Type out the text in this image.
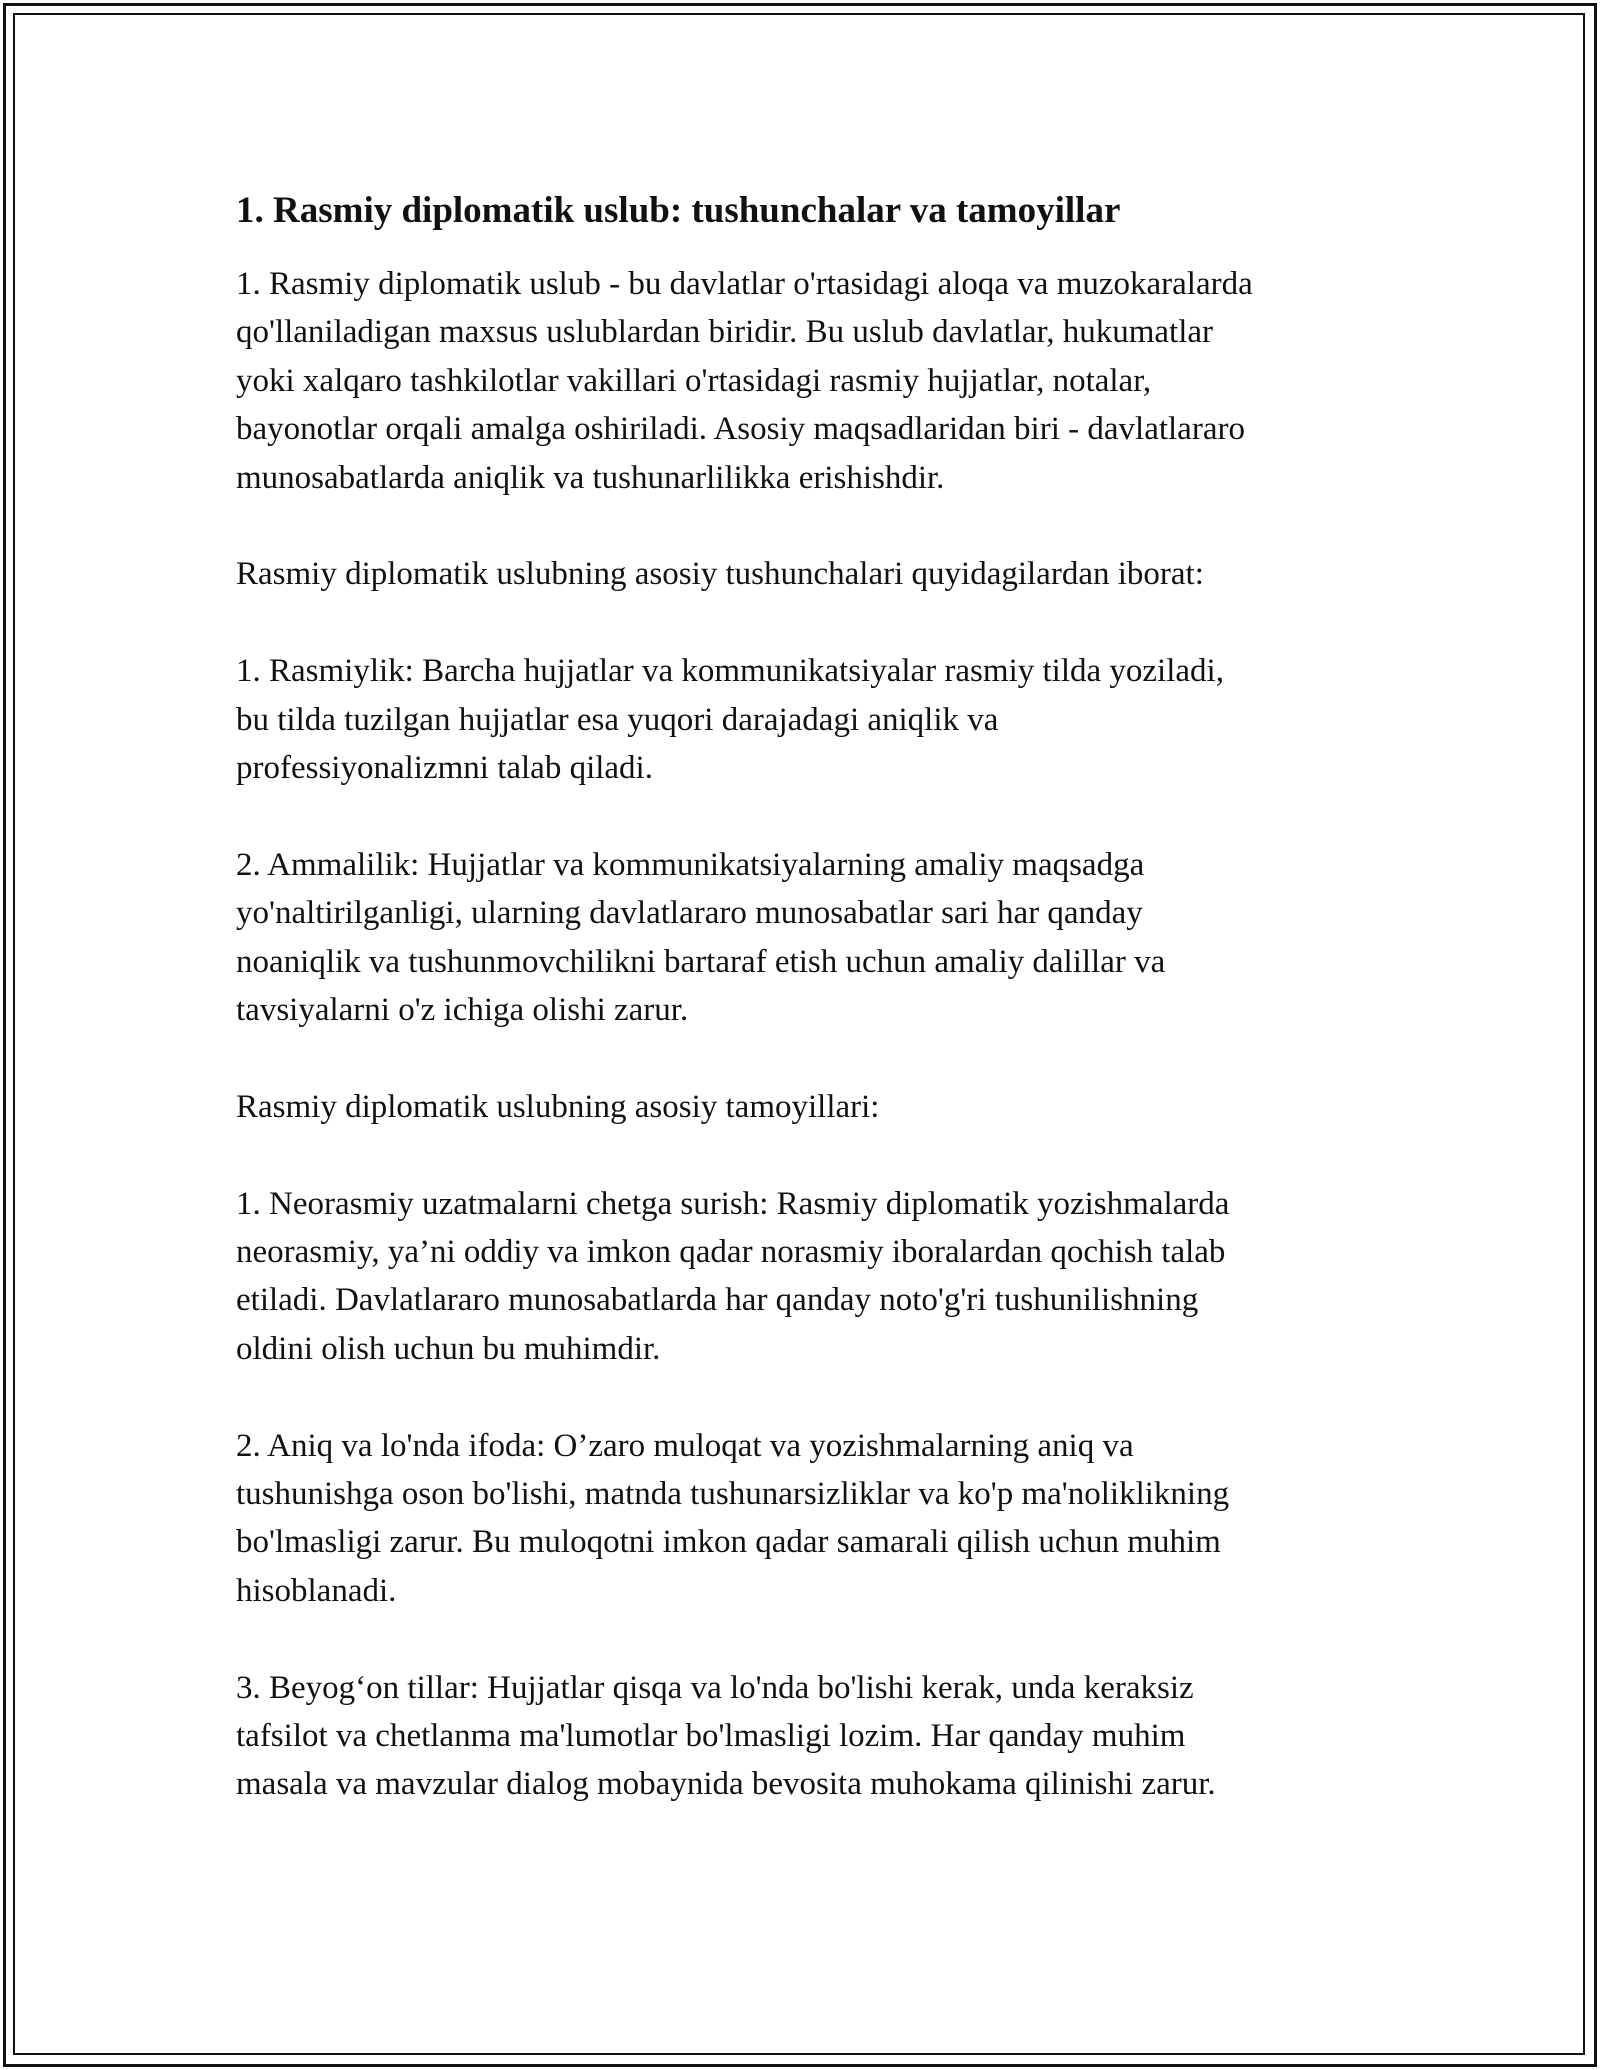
1. Rasmiy diplomatik uslub: tushunchalar va tamoyillar

1. Rasmiy diplomatik uslub - bu davlatlar o'rtasidagi aloqa va muzokaralarda
qo'llaniladigan maxsus uslublardan biridir. Bu uslub davlatlar, hukumatlar
yoki xalqaro tashkilotlar vakillari o'rtasidagi rasmiy hujjatlar, notalar,
bayonotlar orqali amalga oshiriladi. Asosiy maqsadlaridan biri - davlatlararo
munosabatlarda aniqlik va tushunarlilikka erishishdir.

Rasmiy diplomatik uslubning asosiy tushunchalari quyidagilardan iborat:

1. Rasmiylik: Barcha hujjatlar va kommunikatsiyalar rasmiy tilda yoziladi,
bu tilda tuzilgan hujjatlar esa yuqori darajadagi aniqlik va
professiyonalizmni talab qiladi.

2. Ammalilik: Hujjatlar va kommunikatsiyalarning amaliy maqsadga
yo'naltirilganligi, ularning davlatlararo munosabatlar sari har qanday
noaniqlik va tushunmovchilikni bartaraf etish uchun amaliy dalillar va
tavsiyalarni o'z ichiga olishi zarur.

Rasmiy diplomatik uslubning asosiy tamoyillari:

1. Neorasmiy uzatmalarni chetga surish: Rasmiy diplomatik yozishmalarda
neorasmiy, ya’ni oddiy va imkon qadar norasmiy iboralardan qochish talab
etiladi. Davlatlararo munosabatlarda har qanday noto'g'ri tushunilishning
oldini olish uchun bu muhimdir.

2. Aniq va lo'nda ifoda: O’zaro muloqat va yozishmalarning aniq va
tushunishga oson bo'lishi, matnda tushunarsizliklar va ko'p ma'noliklikning
bo'lmasligi zarur. Bu muloqotni imkon qadar samarali qilish uchun muhim
hisoblanadi.

3. Beyog‘on tillar: Hujjatlar qisqa va lo'nda bo'lishi kerak, unda keraksiz
tafsilot va chetlanma ma'lumotlar bo'lmasligi lozim. Har qanday muhim
masala va mavzular dialog mobaynida bevosita muhokama qilinishi zarur.
